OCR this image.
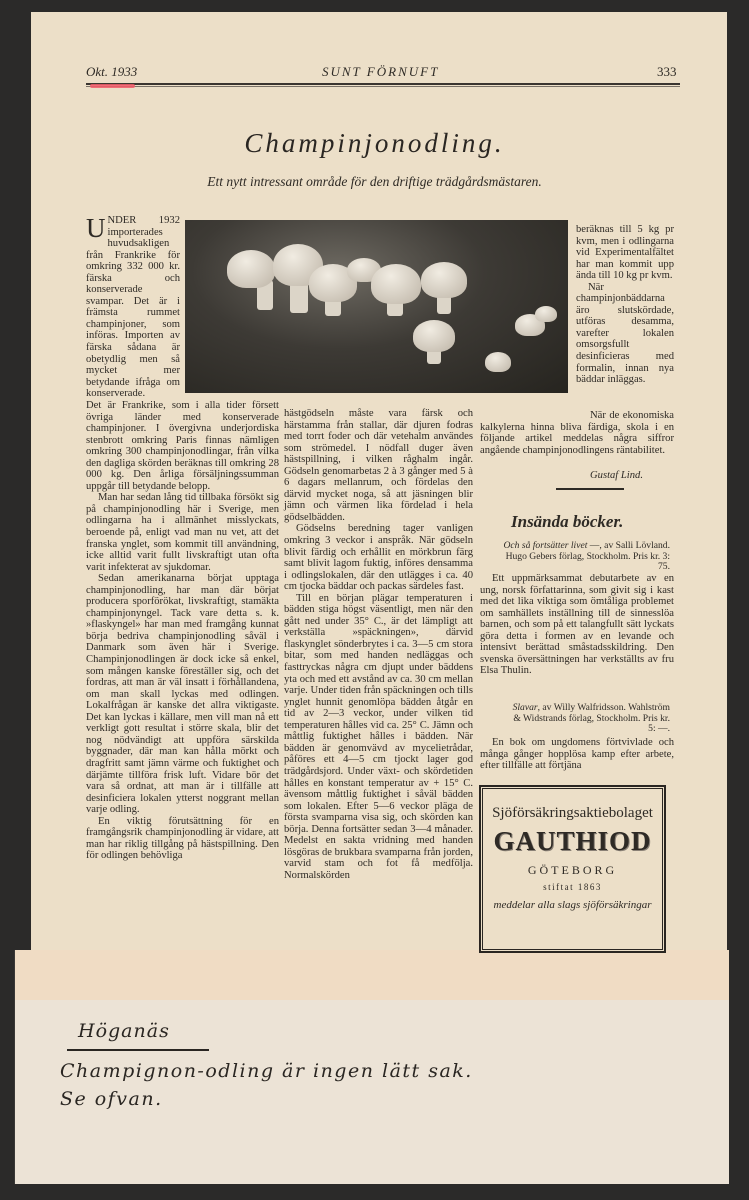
Okt. 1933	SUNT FÖRNUFT	333
Champinjonodling.
Ett nytt intressant område för den driftige trädgårdsmästaren.

UNDER 1932 importerades huvudsakligen från Frankrike för omkring 332 000 kr. färska och konserverade svampar. Det är i främsta rummet champinjoner, som införas. Importen av färska sådana är obetydlig men så mycket mer betydande ifråga om konserverade.

Det är Frankrike, som i alla tider försett övriga länder med konserverade champinjoner. I övergivna underjordiska stenbrott omkring Paris finnas nämligen omkring 300 champinjonodlingar, från vilka den dagliga skörden beräknas till omkring 28 000 kg. Den årliga försäljningssumman uppgår till betydande belopp.

Man har sedan lång tid tillbaka försökt sig på champinjonodling här i Sverige, men odlingarna ha i allmänhet misslyckats, beroende på, enligt vad man nu vet, att det franska ynglet, som kommit till användning, icke alltid varit fullt livskraftigt utan ofta varit infekterat av sjukdomar.

Sedan amerikanarna börjat upptaga champinjonodling, har man där börjat producera sporförökat, livskraftigt, stamäkta champinjonyngel. Tack vare detta s. k. »flaskyngel» har man med framgång kunnat börja bedriva champinjonodling såväl i Danmark som även här i Sverige. Champinjonodlingen är dock icke så enkel, som mången kanske föreställer sig, och det fordras, att man är väl insatt i förhållandena, om man skall lyckas med odlingen. Lokalfrågan är kanske det allra viktigaste. Det kan lyckas i källare, men vill man nå ett verkligt gott resultat i större skala, blir det nog nödvändigt att uppföra särskilda byggnader, där man kan hålla mörkt och dragfritt samt jämn värme och fuktighet och därjämte tillföra frisk luft. Vidare bör det vara så ordnat, att man är i tillfälle att desinficiera lokalen ytterst noggrant mellan varje odling.

En viktig förutsättning för en framgångsrik champinjonodling är vidare, att man har riklig tillgång på hästspillning. Den för odlingen behövliga

hästgödseln måste vara färsk och härstamma från stallar, där djuren fodras med torrt foder och där vetehalm användes som strömedel. I nödfall duger även hästspillning, i vilken råghalm ingår. Gödseln genomarbetas 2 à 3 gånger med 5 à 6 dagars mellanrum, och fördelas den därvid mycket noga, så att jäsningen blir jämn och värmen lika fördelad i hela gödselbädden.

Gödselns beredning tager vanligen omkring 3 veckor i anspråk. När gödseln blivit färdig och erhållit en mörkbrun färg samt blivit lagom fuktig, införes densamma i odlingslokalen, där den utlägges i ca. 40 cm tjocka bäddar och packas särdeles fast.

Till en början plägar temperaturen i bädden stiga högst väsentligt, men när den gått ned under 35° C., är det lämpligt att verkställa »späckningen», därvid flaskynglet sönderbrytes i ca. 3—5 cm stora bitar, som med handen nedläggas och fasttryckas några cm djupt under bäddens yta och med ett avstånd av ca. 30 cm mellan varje. Under tiden från späckningen och tills ynglet hunnit genomlöpa bädden åtgår en tid av 2—3 veckor, under vilken tid temperaturen hålles vid ca. 25° C. Jämn och måttlig fuktighet hålles i bädden. När bädden är genomvävd av mycelietrådar, påföres ett 4—5 cm tjockt lager god trädgårdsjord. Under växt- och skördetiden hålles en konstant temperatur av + 15° C. ävensom måttlig fuktighet i såväl bädden som lokalen. Efter 5—6 veckor pläga de första svamparna visa sig, och skörden kan börja. Denna fortsätter sedan 3—4 månader. Medelst en sakta vridning med handen lösgöras de brukbara svamparna från jorden, varvid stam och fot få medfölja. Normalskörden

beräknas till 5 kg pr kvm, men i odlingarna vid Experimentalfältet har man kommit upp ända till 10 kg pr kvm.

När champinjonbäddarna äro slutskördade, utföras desamma, varefter lokalen omsorgsfullt desinficieras med formalin, innan nya bäddar inläggas.

När de ekonomiska kalkylerna hinna bliva färdiga, skola i en följande artikel meddelas några siffror angående champinjonodlingens räntabilitet.

Gustaf Lind.
Insända böcker.
Och så fortsätter livet —, av Salli Lövland. Hugo Gebers förlag, Stockholm. Pris kr. 3: 75.

Ett uppmärksammat debutarbete av en ung, norsk författarinna, som givit sig i kast med det lika viktiga som ömtåliga problemet om samhällets inställning till de sinnesslöa barnen, och som på ett talangfullt sätt lyckats göra detta i formen av en levande och intensivt berättad småstadsskildring. Den svenska översättningen har verkställts av fru Elsa Thulin.

Slavar, av Willy Walfridsson. Wahlström & Widstrands förlag, Stockholm. Pris kr. 5: —.

En bok om ungdomens förtvivlade och många gånger hopplösa kamp efter arbete, efter tillfälle att förtjäna

Sjöförsäkringsaktiebolaget
GAUTHIOD
GÖTEBORG
stiftat 1863
meddelar alla slags sjöförsäkringar
Höganäs
Champignon-odling är ingen lätt sak.
Se ofvan.
